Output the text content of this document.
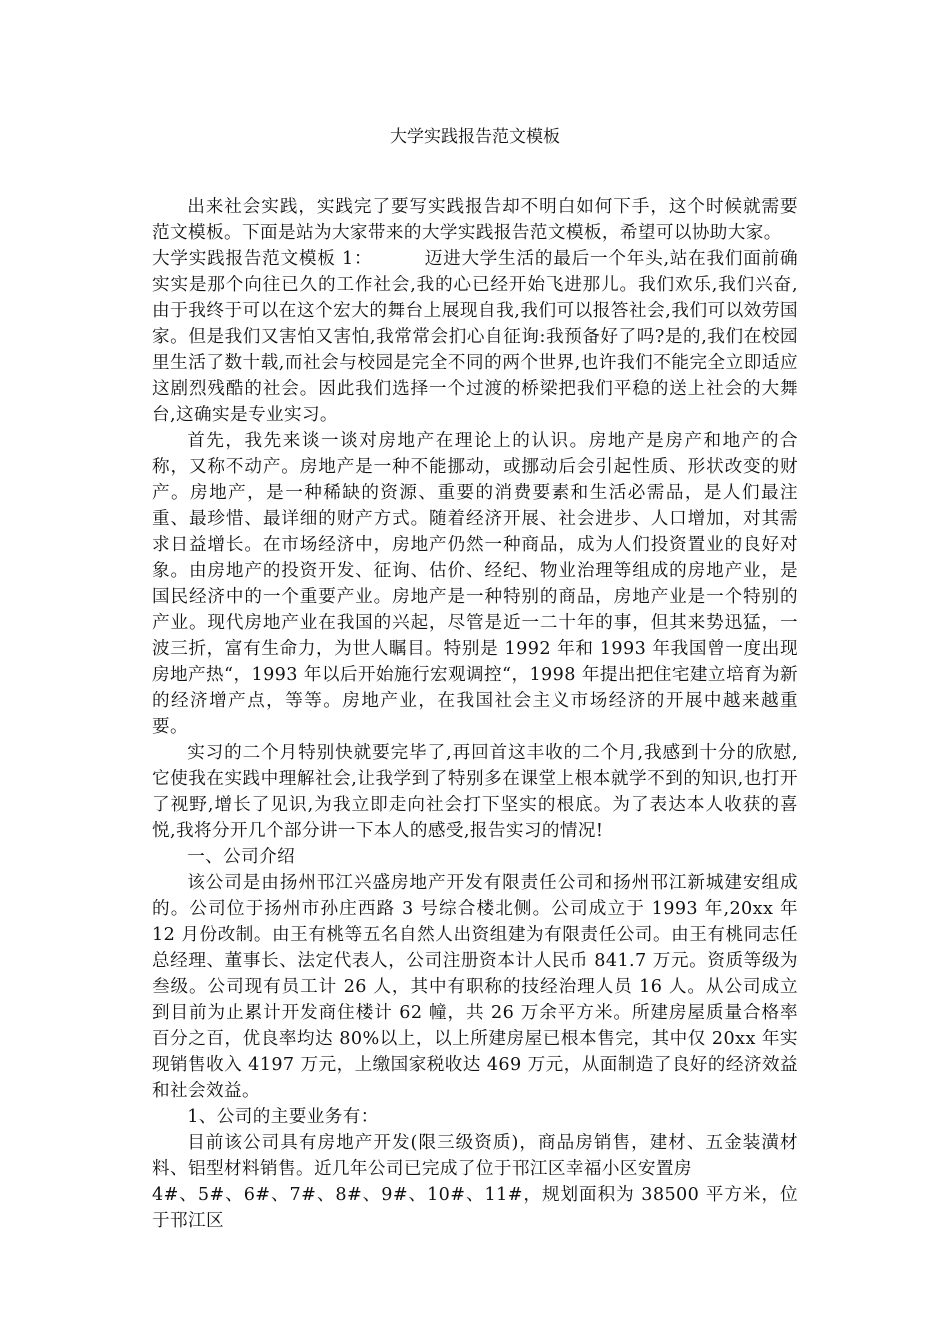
大学实践报告范文模板

出来社会实践，实践完了要写实践报告却不明白如何下手，这个时候就需要范文模板。下面是站为大家带来的大学实践报告范文模板，希望可以协助大家。

大学实践报告范文模板 1：	迈进大学生活的最后一个年头,站在我们面前确实实是那个向往已久的工作社会,我的心已经开始飞进那儿。我们欢乐,我们兴奋,由于我终于可以在这个宏大的舞台上展现自我,我们可以报答社会,我们可以效劳国家。但是我们又害怕又害怕,我常常会扪心自征询:我预备好了吗?是的,我们在校园里生活了数十载,而社会与校园是完全不同的两个世界,也许我们不能完全立即适应这剧烈残酷的社会。因此我们选择一个过渡的桥梁把我们平稳的送上社会的大舞台,这确实是专业实习。

首先，我先来谈一谈对房地产在理论上的认识。房地产是房产和地产的合称，又称不动产。房地产是一种不能挪动，或挪动后会引起性质、形状改变的财产。房地产，是一种稀缺的资源、重要的消费要素和生活必需品，是人们最注重、最珍惜、最详细的财产方式。随着经济开展、社会进步、人口增加，对其需求日益增长。在市场经济中，房地产仍然一种商品，成为人们投资置业的良好对象。由房地产的投资开发、征询、估价、经纪、物业治理等组成的房地产业，是国民经济中的一个重要产业。房地产是一种特别的商品，房地产业是一个特别的产业。现代房地产业在我国的兴起，尽管是近一二十年的事，但其来势迅猛，一波三折，富有生命力，为世人瞩目。特别是 1992 年和 1993 年我国曾一度出现房地产热“，1993 年以后开始施行宏观调控“，1998 年提出把住宅建立培育为新的经济增产点，等等。房地产业，在我国社会主义市场经济的开展中越来越重要。

实习的二个月特别快就要完毕了,再回首这丰收的二个月,我感到十分的欣慰,它使我在实践中理解社会,让我学到了特别多在课堂上根本就学不到的知识,也打开了视野,增长了见识,为我立即走向社会打下坚实的根底。为了表达本人收获的喜悦,我将分开几个部分讲一下本人的感受,报告实习的情况!

一、公司介绍

该公司是由扬州邗江兴盛房地产开发有限责任公司和扬州邗江新城建安组成的。公司位于扬州市孙庄西路 3 号综合楼北侧。公司成立于 1993 年,20xx 年 12 月份改制。由王有桃等五名自然人出资组建为有限责任公司。由王有桃同志任总经理、董事长、法定代表人，公司注册资本计人民币 841.7 万元。资质等级为叁级。公司现有员工计 26 人，其中有职称的技经治理人员 16 人。从公司成立到目前为止累计开发商住楼计 62 幢，共 26 万余平方米。所建房屋质量合格率百分之百，优良率均达 80%以上，以上所建房屋已根本售完，其中仅 20xx 年实现销售收入 4197 万元，上缴国家税收达 469 万元，从面制造了良好的经济效益和社会效益。

1、公司的主要业务有：

目前该公司具有房地产开发(限三级资质)，商品房销售，建材、五金装潢材料、铝型材料销售。近几年公司已完成了位于邗江区幸福小区安置房

4#、5#、6#、7#、8#、9#、10#、11#，规划面积为 38500 平方米，位于邗江区
